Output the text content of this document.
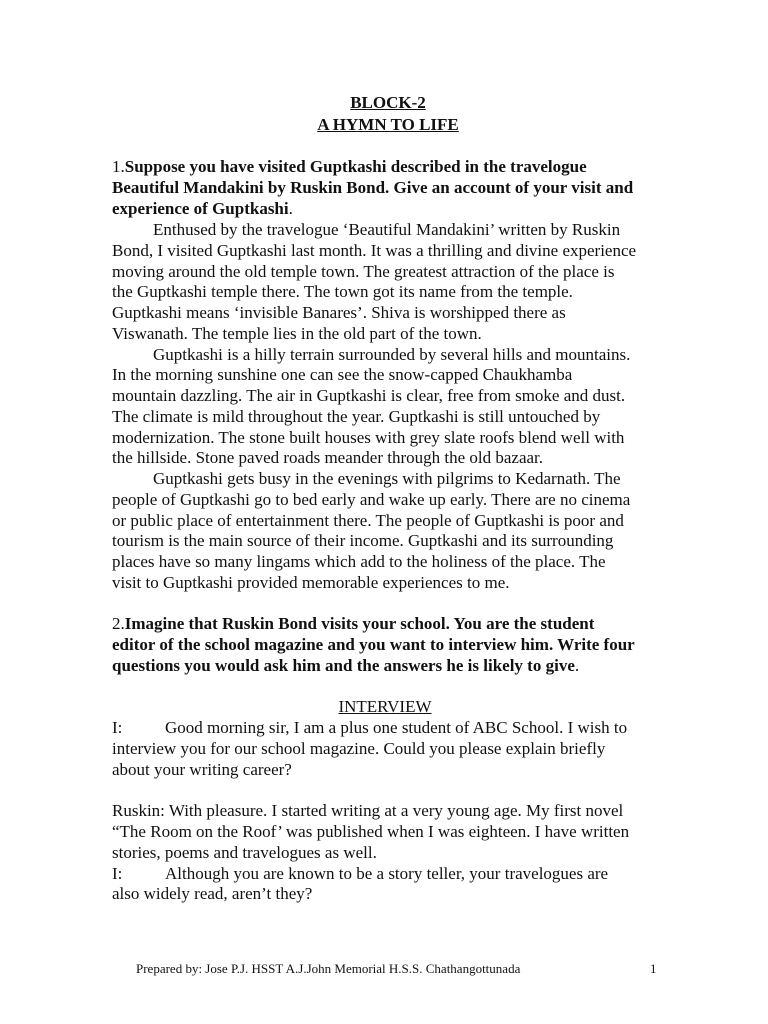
BLOCK-2
A HYMN TO LIFE
1.Suppose you have visited Guptkashi described in the travelogue
Beautiful Mandakini by Ruskin Bond. Give an account of your visit and
experience of Guptkashi.
Enthused by the travelogue ‘Beautiful Mandakini’ written by Ruskin
Bond, I visited Guptkashi last month. It was a thrilling and divine experience
moving around the old temple town. The greatest attraction of the place is
the Guptkashi temple there. The town got its name from the temple.
Guptkashi means ‘invisible Banares’. Shiva is worshipped there as
Viswanath. The temple lies in the old part of the town.
Guptkashi is a hilly terrain surrounded by several hills and mountains.
In the morning sunshine one can see the snow-capped Chaukhamba
mountain dazzling. The air in Guptkashi is clear, free from smoke and dust.
The climate is mild throughout the year. Guptkashi is still untouched by
modernization. The stone built houses with grey slate roofs blend well with
the hillside. Stone paved roads meander through the old bazaar.
Guptkashi gets busy in the evenings with pilgrims to Kedarnath. The
people of Guptkashi go to bed early and wake up early. There are no cinema
or public place of entertainment there. The people of Guptkashi is poor and
tourism is the main source of their income. Guptkashi and its surrounding
places have so many lingams which add to the holiness of the place. The
visit to Guptkashi provided memorable experiences to me.
2.Imagine that Ruskin Bond visits your school. You are the student
editor of the school magazine and you want to interview him. Write four
questions you would ask him and the answers he is likely to give.
INTERVIEW
I:	Good morning sir, I am a plus one student of ABC School. I wish to
interview you for our school magazine. Could you please explain briefly
about your writing career?
Ruskin: With pleasure. I started writing at a very young age. My first novel
“The Room on the Roof’ was published when I was eighteen. I have written
stories, poems and travelogues as well.
I:	Although you are known to be a story teller, your travelogues are
also widely read, aren’t they?
Prepared by: Jose P.J. HSST A.J.John Memorial H.S.S. Chathangottunada	1
